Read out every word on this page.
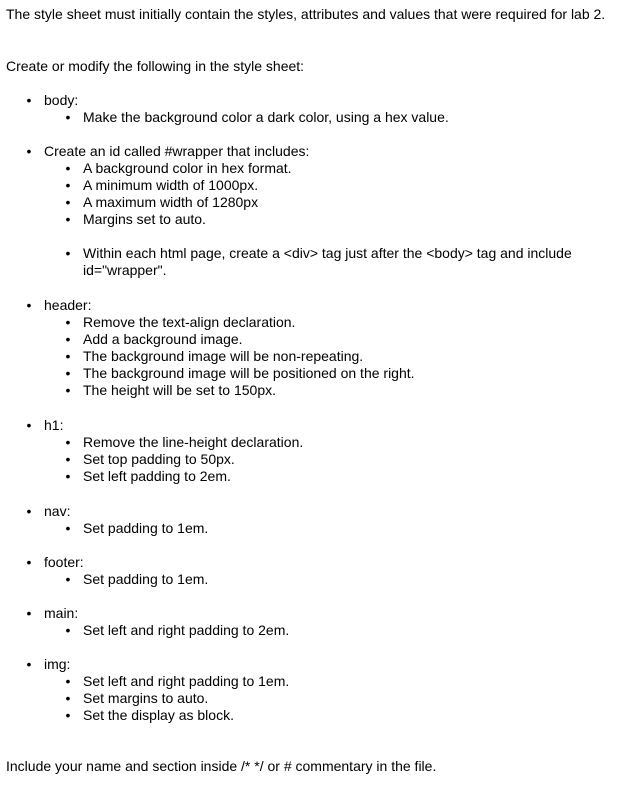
The style sheet must initially contain the styles, attributes and values that were required for lab 2.

Create or modify the following in the style sheet:

• body:
• Make the background color a dark color, using a hex value.
• Create an id called #wrapper that includes:
• A background color in hex format.
• A minimum width of 1000px.
• A maximum width of 1280px
• Margins set to auto.
• Within each html page, create a <div> tag just after the <body> tag and include id="wrapper".
• header:
• Remove the text-align declaration.
• Add a background image.
• The background image will be non-repeating.
• The background image will be positioned on the right.
• The height will be set to 150px.
• h1:
• Remove the line-height declaration.
• Set top padding to 50px.
• Set left padding to 2em.
• nav:
• Set padding to 1em.
• footer:
• Set padding to 1em.
• main:
• Set left and right padding to 2em.
• img:
• Set left and right padding to 1em.
• Set margins to auto.
• Set the display as block.

Include your name and section inside /* */ or # commentary in the file.
